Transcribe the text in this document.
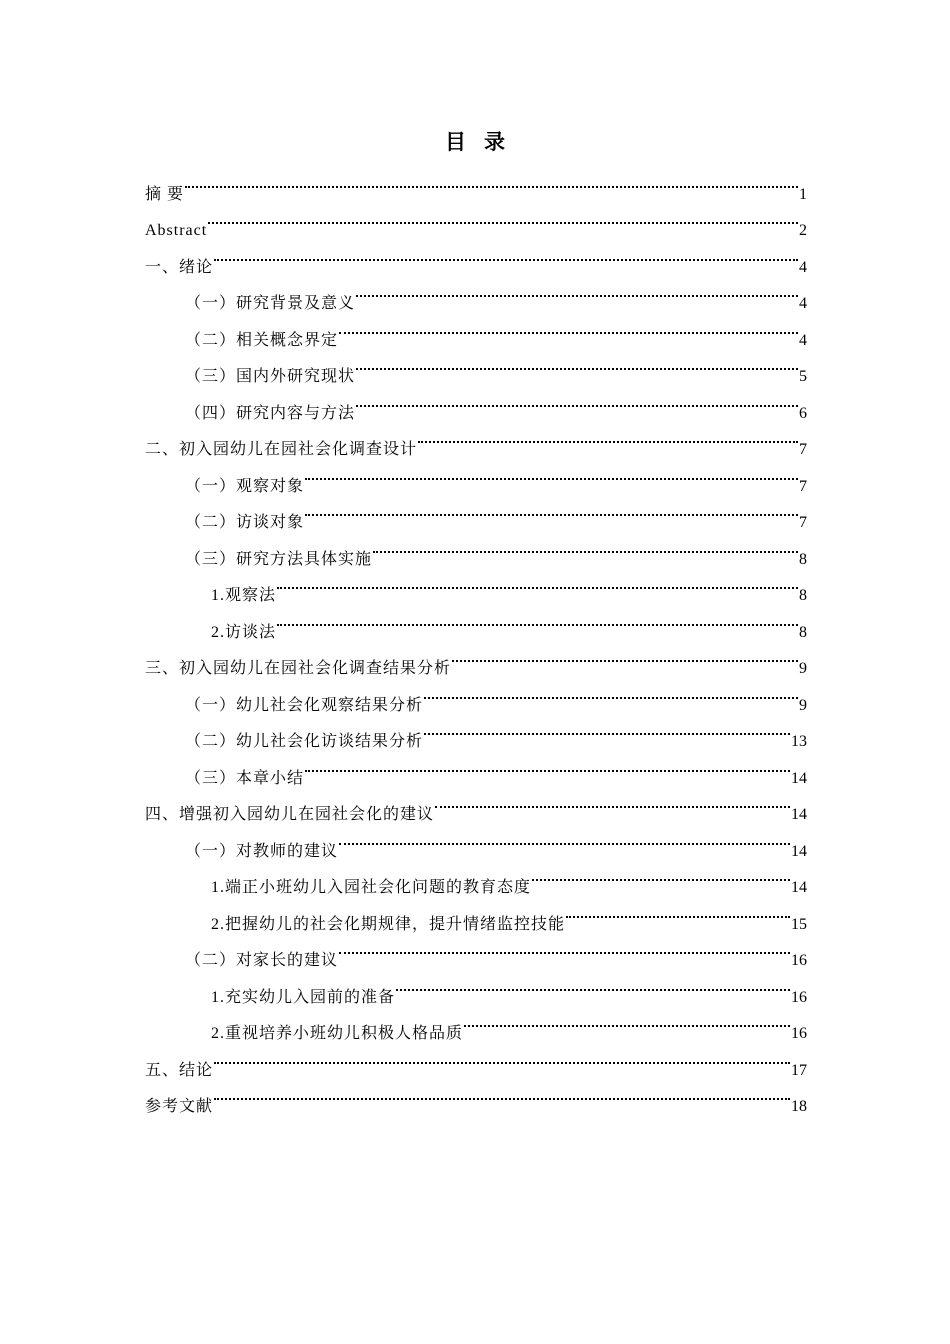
目录
摘 要	1
Abstract	2
一、绪论	4
（一）研究背景及意义	4
（二）相关概念界定	4
（三）国内外研究现状	5
（四）研究内容与方法	6
二、初入园幼儿在园社会化调查设计	7
（一）观察对象	7
（二）访谈对象	7
（三）研究方法具体实施	8
1.观察法	8
2.访谈法	8
三、初入园幼儿在园社会化调查结果分析	9
（一）幼儿社会化观察结果分析	9
（二）幼儿社会化访谈结果分析	13
（三）本章小结	14
四、增强初入园幼儿在园社会化的建议	14
（一）对教师的建议	14
1.端正小班幼儿入园社会化问题的教育态度	14
2.把握幼儿的社会化期规律，提升情绪监控技能	15
（二）对家长的建议	16
1.充实幼儿入园前的准备	16
2.重视培养小班幼儿积极人格品质	16
五、结论	17
参考文献	18
